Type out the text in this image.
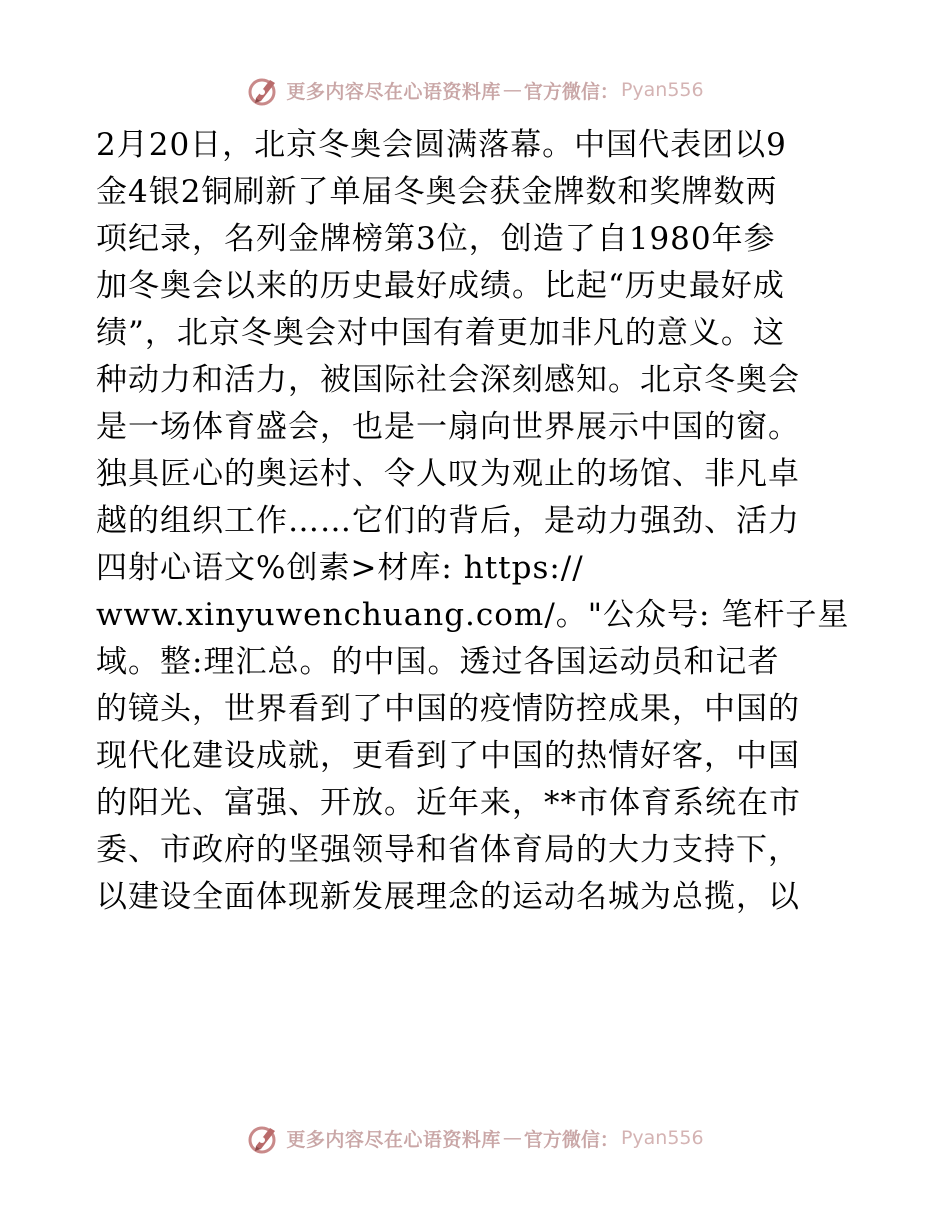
更多内容尽在心语资料库 — 官方微信： Pyan556
2月20日，北京冬奥会圆满落幕。中国代表团以9
金4银2铜刷新了单届冬奥会获金牌数和奖牌数两
项纪录，名列金牌榜第3位，创造了自1980年参
加冬奥会以来的历史最好成绩。比起“历史最好成
绩”，北京冬奥会对中国有着更加非凡的意义。这
种动力和活力，被国际社会深刻感知。北京冬奥会
是一场体育盛会，也是一扇向世界展示中国的窗。
独具匠心的奥运村、令人叹为观止的场馆、非凡卓
越的组织工作……它们的背后，是动力强劲、活力
四射心语文%创素>材库: https://
www.xinyuwenchuang.com/。"公众号: 笔杆子星
域。整:理汇总。的中国。透过各国运动员和记者
的镜头，世界看到了中国的疫情防控成果，中国的
现代化建设成就，更看到了中国的热情好客，中国
的阳光、富强、开放。近年来，**市体育系统在市
委、市政府的坚强领导和省体育局的大力支持下，
以建设全面体现新发展理念的运动名城为总揽，以
更多内容尽在心语资料库 — 官方微信： Pyan556
